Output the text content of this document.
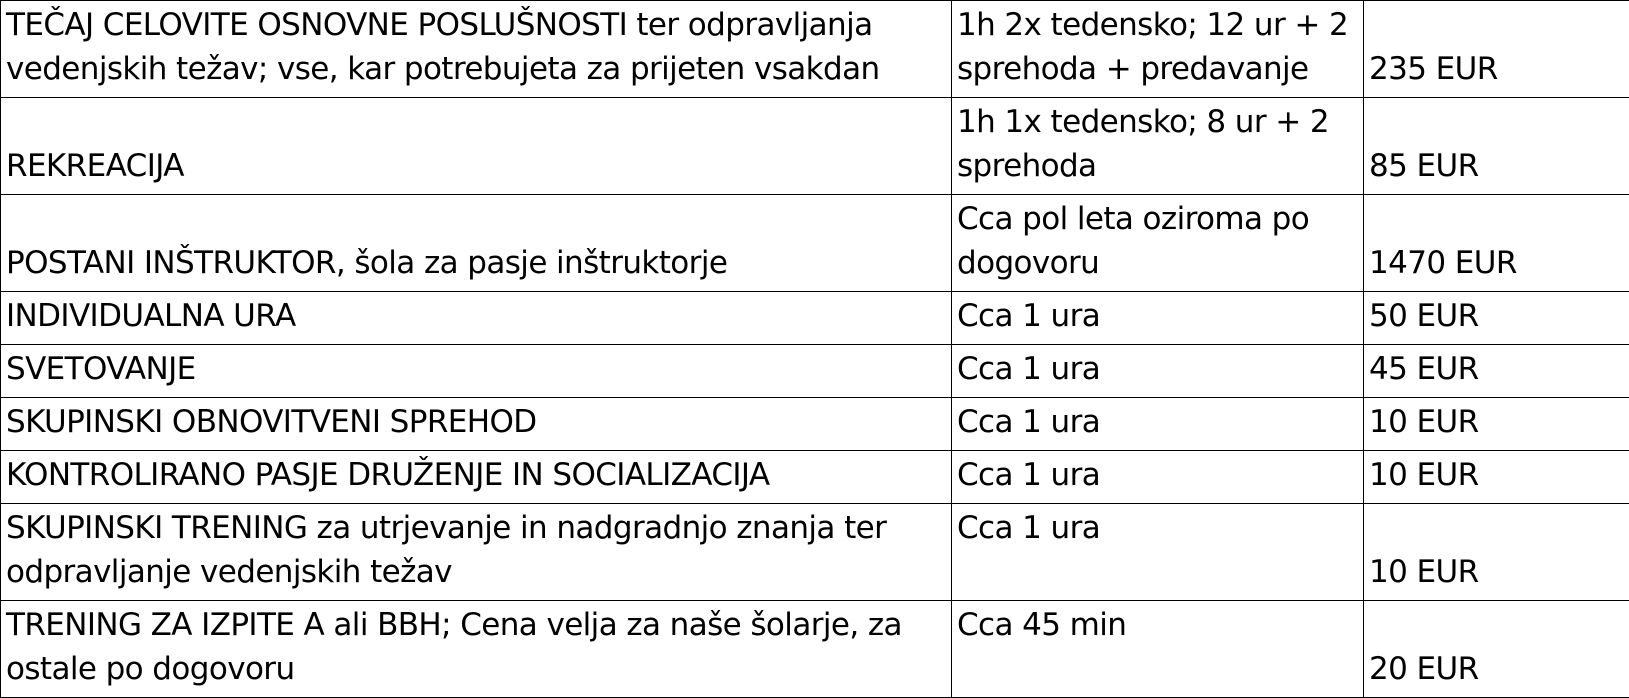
TEČAJ CELOVITE OSNOVNE POSLUŠNOSTI ter odpravljanja vedenjskih težav; vse, kar potrebujeta za prijeten vsakdan	1h 2x tedensko; 12 ur + 2 sprehoda + predavanje	235 EUR
REKREACIJA	1h 1x tedensko; 8 ur + 2 sprehoda	85 EUR
POSTANI INŠTRUKTOR, šola za pasje inštruktorje	Cca pol leta oziroma po dogovoru	1470 EUR
INDIVIDUALNA URA	Cca 1 ura	50 EUR
SVETOVANJE	Cca 1 ura	45 EUR
SKUPINSKI OBNOVITVENI SPREHOD	Cca 1 ura	10 EUR
KONTROLIRANO PASJE DRUŽENJE IN SOCIALIZACIJA	Cca 1 ura	10 EUR
SKUPINSKI TRENING za utrjevanje in nadgradnjo znanja ter odpravljanje vedenjskih težav	Cca 1 ura	10 EUR
TRENING ZA IZPITE A ali BBH; Cena velja za naše šolarje, za ostale po dogovoru	Cca 45 min	20 EUR
